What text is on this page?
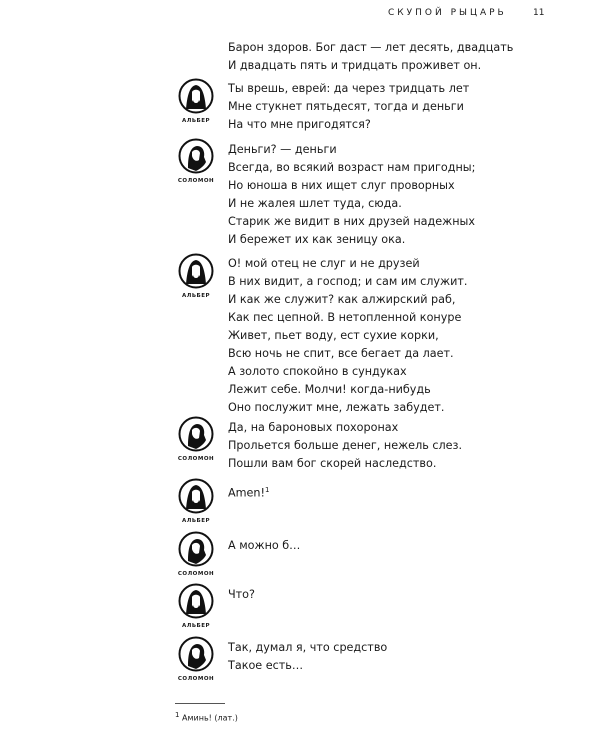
СКУПОЙ РЫЦАРЬ	11
Барон здоров. Бог даст — лет десять, двадцать
И двадцать пять и тридцать проживет он.
Ты врешь, еврей: да через тридцать лет
Мне стукнет пятьдесят, тогда и деньги
На что мне пригодятся?
АЛЬБЕР
Деньги? — деньги
Всегда, во всякий возраст нам пригодны;
Но юноша в них ищет слуг проворных
И не жалея шлет туда, сюда.
Старик же видит в них друзей надежных
И бережет их как зеницу ока.
СОЛОМОН
О! мой отец не слуг и не друзей
В них видит, а господ; и сам им служит.
И как же служит? как алжирский раб,
Как пес цепной. В нетопленной конуре
Живет, пьет воду, ест сухие корки,
Всю ночь не спит, все бегает да лает.
А золото спокойно в сундуках
Лежит себе. Молчи! когда-нибудь
Оно послужит мне, лежать забудет.
АЛЬБЕР
Да, на бароновых похоронах
Прольется больше денег, нежель слез.
Пошли вам бог скорей наследство.
СОЛОМОН
Amen!$^1$
АЛЬБЕР
А можно б…
СОЛОМОН
Что?
АЛЬБЕР
Так, думал я, что средство
Такое есть…
СОЛОМОН
$^1$ Аминь! (лат.)
